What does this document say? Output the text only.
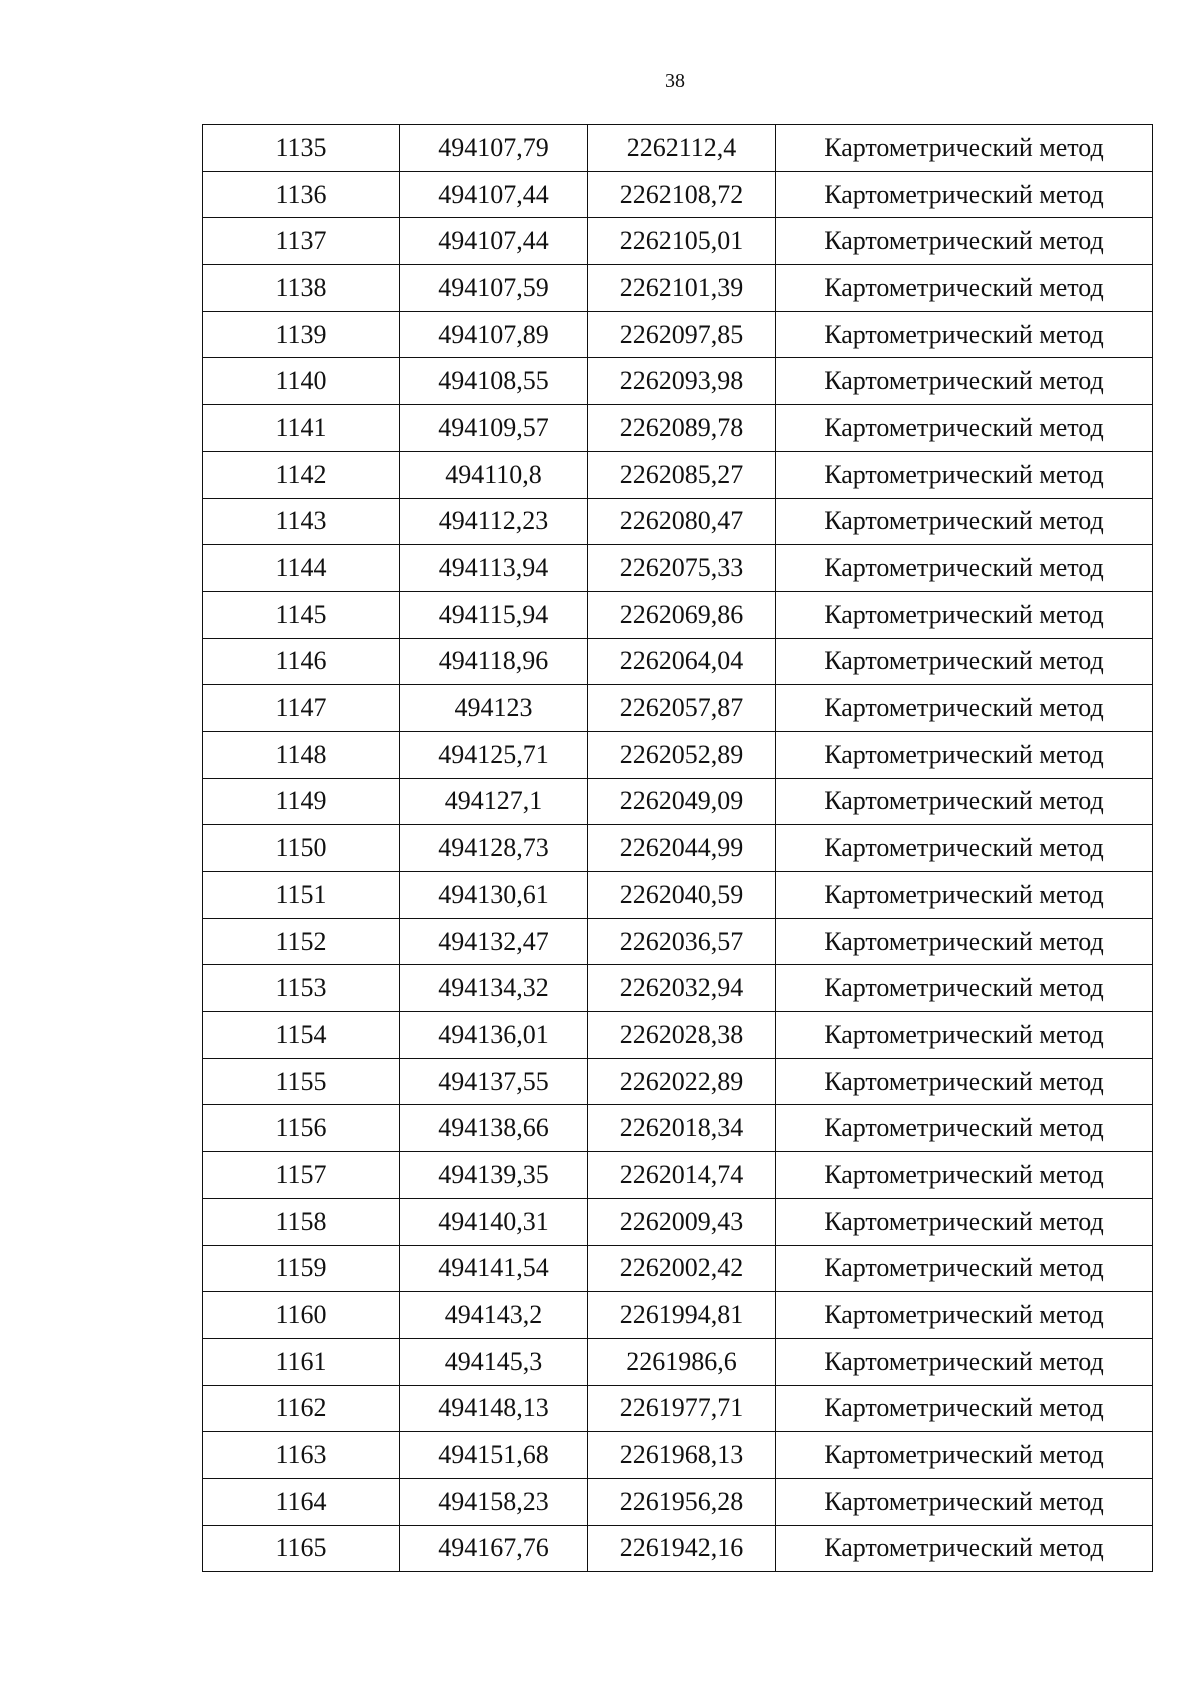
38
1135	494107,79	2262112,4	Картометрический метод
1136	494107,44	2262108,72	Картометрический метод
1137	494107,44	2262105,01	Картометрический метод
1138	494107,59	2262101,39	Картометрический метод
1139	494107,89	2262097,85	Картометрический метод
1140	494108,55	2262093,98	Картометрический метод
1141	494109,57	2262089,78	Картометрический метод
1142	494110,8	2262085,27	Картометрический метод
1143	494112,23	2262080,47	Картометрический метод
1144	494113,94	2262075,33	Картометрический метод
1145	494115,94	2262069,86	Картометрический метод
1146	494118,96	2262064,04	Картометрический метод
1147	494123	2262057,87	Картометрический метод
1148	494125,71	2262052,89	Картометрический метод
1149	494127,1	2262049,09	Картометрический метод
1150	494128,73	2262044,99	Картометрический метод
1151	494130,61	2262040,59	Картометрический метод
1152	494132,47	2262036,57	Картометрический метод
1153	494134,32	2262032,94	Картометрический метод
1154	494136,01	2262028,38	Картометрический метод
1155	494137,55	2262022,89	Картометрический метод
1156	494138,66	2262018,34	Картометрический метод
1157	494139,35	2262014,74	Картометрический метод
1158	494140,31	2262009,43	Картометрический метод
1159	494141,54	2262002,42	Картометрический метод
1160	494143,2	2261994,81	Картометрический метод
1161	494145,3	2261986,6	Картометрический метод
1162	494148,13	2261977,71	Картометрический метод
1163	494151,68	2261968,13	Картометрический метод
1164	494158,23	2261956,28	Картометрический метод
1165	494167,76	2261942,16	Картометрический метод
